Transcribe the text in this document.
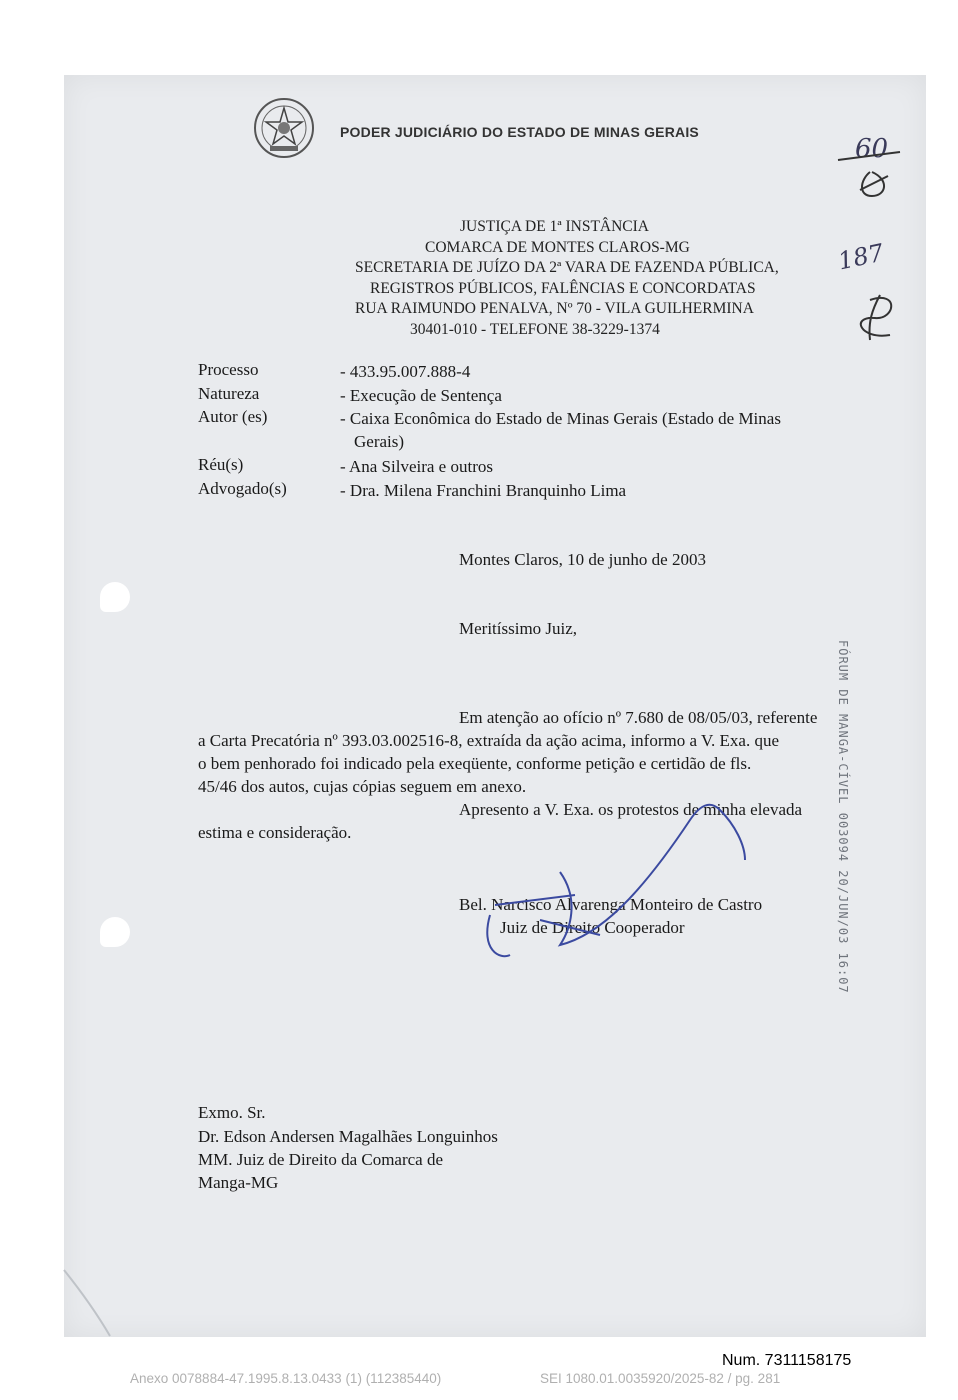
PODER JUDICIÁRIO DO ESTADO DE MINAS GERAIS
JUSTIÇA DE 1ª INSTÂNCIA
COMARCA DE MONTES CLAROS-MG
SECRETARIA DE JUÍZO DA 2ª VARA DE FAZENDA PÚBLICA,
REGISTROS PÚBLICOS, FALÊNCIAS E CONCORDATAS
RUA RAIMUNDO PENALVA, Nº 70 - VILA GUILHERMINA
30401-010 - TELEFONE 38-3229-1374
Processo	- 433.95.007.888-4
Natureza	- Execução de Sentença
Autor (es)	- Caixa Econômica do Estado de Minas Gerais (Estado de Minas
Gerais)
Réu(s)	- Ana Silveira e outros
Advogado(s)	- Dra. Milena Franchini Branquinho Lima
Montes Claros, 10 de junho de 2003
Meritíssimo Juiz,
Em atenção ao ofício nº 7.680 de 08/05/03, referente
a Carta Precatória nº 393.03.002516-8, extraída da ação acima, informo a V. Exa. que
o bem penhorado foi indicado pela exeqüente, conforme petição e certidão de fls.
45/46 dos autos, cujas cópias seguem em anexo.
Apresento a V. Exa. os protestos de minha elevada
estima e consideração.
Bel. Narcisco Alvarenga Monteiro de Castro
Juiz de Direito Cooperador
Exmo. Sr.
Dr. Edson Andersen Magalhães Longuinhos
MM. Juiz de Direito da Comarca de
Manga-MG
60
187
FÓRUM DE MANGA-CÍVEL 003094 20/JUN/03 16:07
Num. 7311158175
Anexo 0078884-47.1995.8.13.0433 (1) (112385440)	SEI 1080.01.0035920/2025-82 / pg. 281
